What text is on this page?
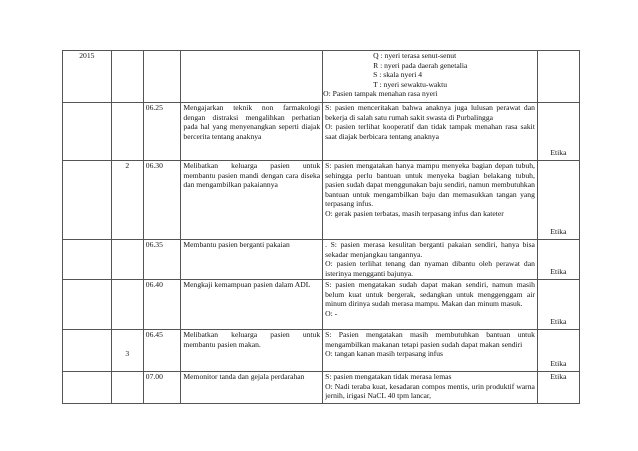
2015				Q : nyeri terasa senut-senut
R : nyeri pada daerah genetalia
S : skala nyeri 4
T : nyeri sewaktu-waktu
O: Pasien tampak menahan rasa nyeri	

		06.25	Mengajarkan teknik non farmakologi dengan distraksi mengalihkan perhatian pada hal yang menyenangkan seperti diajak bercerita tentang anaknya	S: pasien menceritakan bahwa anaknya juga lulusan perawat dan bekerja di salah satu rumah sakit swasta di Purbalingga
O: pasien terlihat kooperatif dan tidak tampak menahan rasa sakit saat diajak berbicara tentang anaknya	Etika

	2	06.30	Melibatkan keluarga pasien untuk membantu pasien mandi dengan cara diseka dan mengambilkan pakaiannya	S: pasien mengatakan hanya mampu menyeka bagian depan tubuh, sehingga perlu bantuan untuk menyeka bagian belakang tubuh, pasien sudah dapat menggunakan baju sendiri, namun membutuhkan bantuan untuk mengambilkan baju dan memasukkan tangan yang terpasang infus.
O: gerak pasien terbatas, masih terpasang infus dan kateter	Etika

		06.35	Membantu pasien berganti pakaian	. S: pasien merasa kesulitan berganti pakaian sendiri, hanya bisa sekadar menjangkau tangannya.
O: pasien terlihat tenang dan nyaman dibantu oleh perawat dan isterinya mengganti bajunya.	Etika

		06.40	Mengkaji kemampuan pasien dalam ADL	S: pasien mengatakan sudah dapat makan sendiri, namun masih belum kuat untuk bergerak, sedangkan untuk menggenggam air minum dirinya sudah merasa mampu. Makan dan minum masuk.
O: -	Etika

	3	06.45	Melibatkan keluarga pasien untuk membantu pasien makan.	S: Pasien mengatakan masih membutuhkan bantuan untuk mengambilkan makanan tetapi pasien sudah dapat makan sendiri
O: tangan kanan masih terpasang infus	Etika

		07.00	Memonitor tanda dan gejala perdarahan	S: pasien mengatakan tidak merasa lemas
O: Nadi teraba kuat, kesadaran compos mentis, urin produktif warna jernih, irigasi NaCL 40 tpm lancar,	Etika
